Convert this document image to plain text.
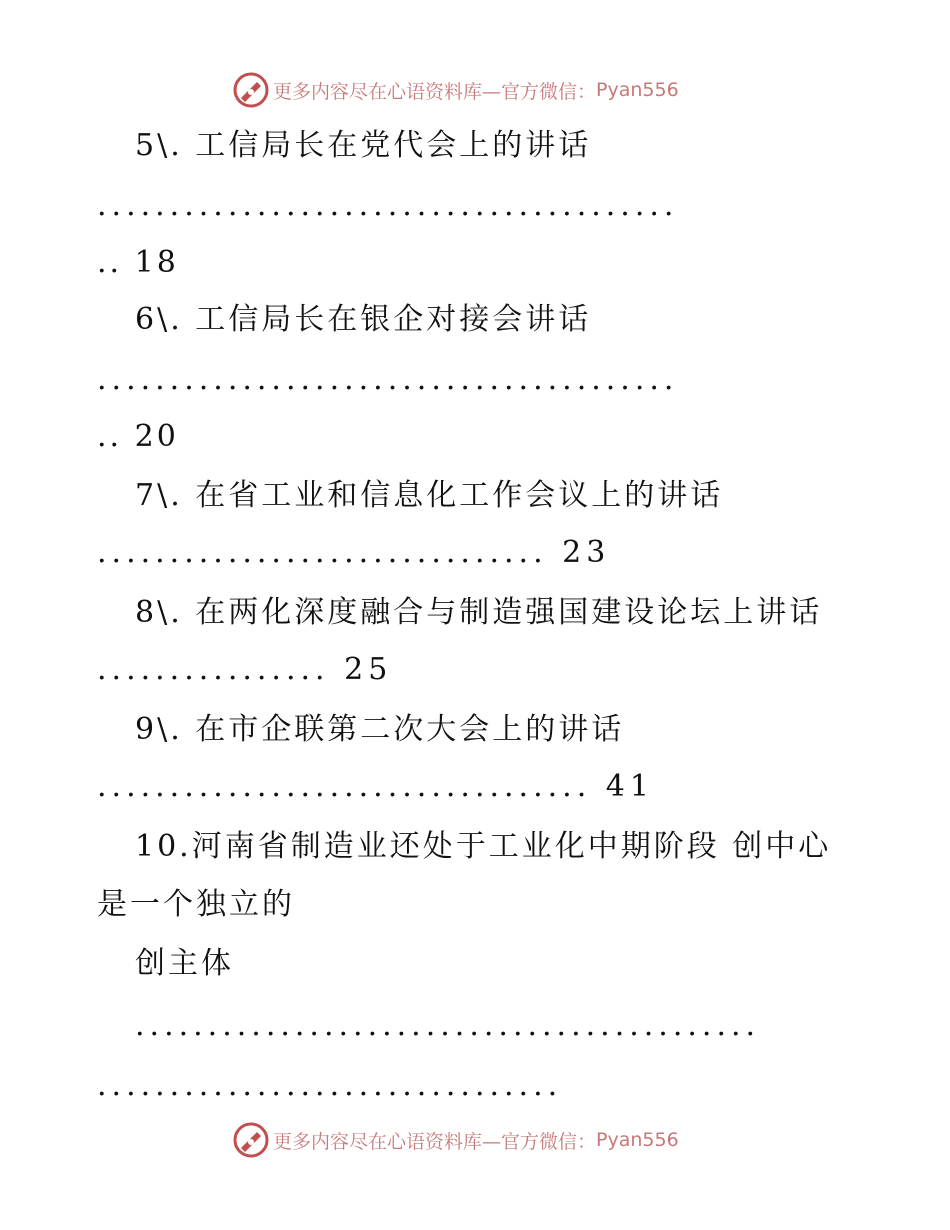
更多内容尽在心语资料库—官方微信： Pyan556
5\. 工信局长在党代会上的讲话
........................................
.. 18
6\. 工信局长在银企对接会讲话
........................................
.. 20
7\. 在省工业和信息化工作会议上的讲话
............................... 23
8\. 在两化深度融合与制造强国建设论坛上讲话
................ 25
9\. 在市企联第二次大会上的讲话
.................................. 41
10.河南省制造业还处于工业化中期阶段 创中心
是一个独立的
创主体
...........................................
................................
更多内容尽在心语资料库—官方微信： Pyan556
